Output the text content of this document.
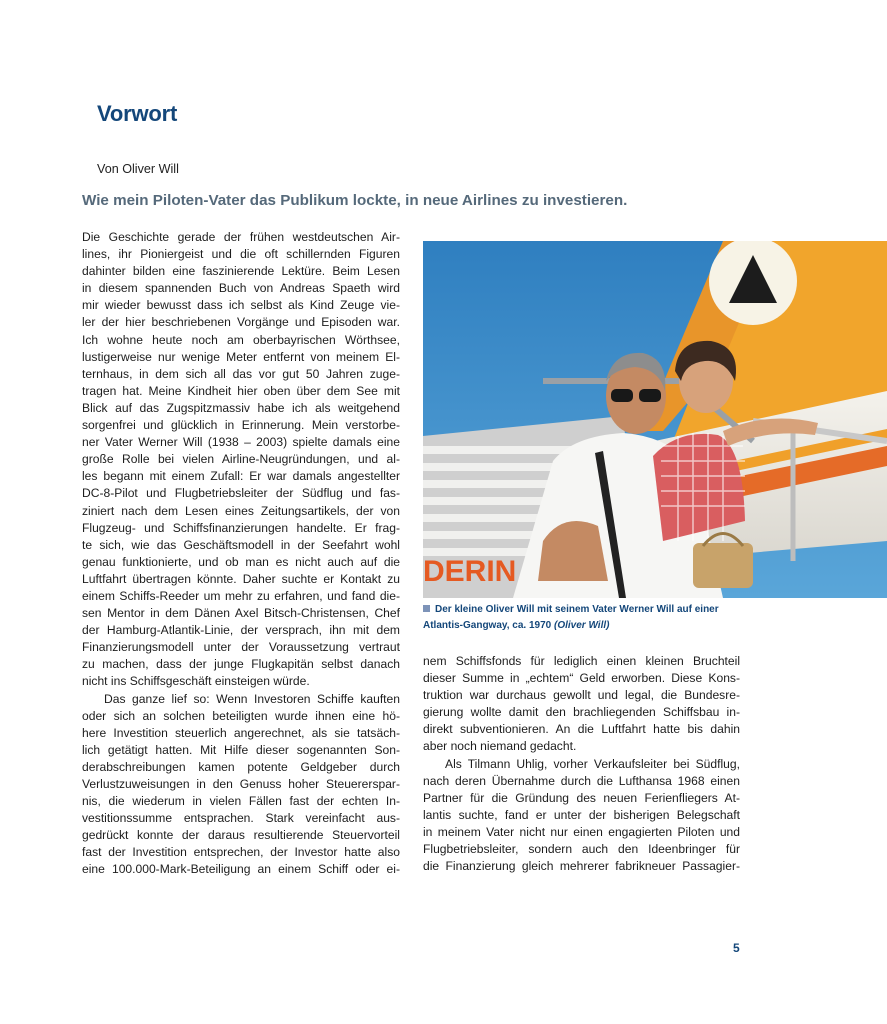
Vorwort

Von Oliver Will

Wie mein Piloten-Vater das Publikum lockte, in neue Airlines zu investieren.

Die Geschichte gerade der frühen westdeutschen Air-
lines, ihr Pioniergeist und die oft schillernden Figuren
dahinter bilden eine faszinierende Lektüre. Beim Lesen
in diesem spannenden Buch von Andreas Spaeth wird
mir wieder bewusst dass ich selbst als Kind Zeuge vie-
ler der hier beschriebenen Vorgänge und Episoden war.
Ich wohne heute noch am oberbayrischen Wörthsee,
lustigerweise nur wenige Meter entfernt von meinem El-
ternhaus, in dem sich all das vor gut 50 Jahren zuge-
tragen hat. Meine Kindheit hier oben über dem See mit
Blick auf das Zugspitzmassiv habe ich als weitgehend
sorgenfrei und glücklich in Erinnerung. Mein verstorbe-
ner Vater Werner Will (1938 – 2003) spielte damals eine
große Rolle bei vielen Airline-Neugründungen, und al-
les begann mit einem Zufall: Er war damals angestellter
DC-8-Pilot und Flugbetriebsleiter der Südflug und fas-
ziniert nach dem Lesen eines Zeitungsartikels, der von
Flugzeug- und Schiffsfinanzierungen handelte. Er frag-
te sich, wie das Geschäftsmodell in der Seefahrt wohl
genau funktionierte, und ob man es nicht auch auf die
Luftfahrt übertragen könnte. Daher suchte er Kontakt zu
einem Schiffs-Reeder um mehr zu erfahren, und fand die-
sen Mentor in dem Dänen Axel Bitsch-Christensen, Chef
der Hamburg-Atlantik-Linie, der versprach, ihn mit dem
Finanzierungsmodell unter der Voraussetzung vertraut
zu machen, dass der junge Flugkapitän selbst danach
nicht ins Schiffsgeschäft einsteigen würde.
Das ganze lief so: Wenn Investoren Schiffe kauften
oder sich an solchen beteiligten wurde ihnen eine hö-
here Investition steuerlich angerechnet, als sie tatsäch-
lich getätigt hatten. Mit Hilfe dieser sogenannten Son-
derabschreibungen kamen potente Geldgeber durch
Verlustzuweisungen in den Genuss hoher Steuererspar-
nis, die wiederum in vielen Fällen fast der echten In-
vestitionssumme entsprachen. Stark vereinfacht aus-
gedrückt konnte der daraus resultierende Steuervorteil
fast der Investition entsprechen, der Investor hatte also
eine 100.000-Mark-Beteiligung an einem Schiff oder ei-
DERIN
Der kleine Oliver Will mit seinem Vater Werner Will auf einer
Atlantis-Gangway, ca. 1970 (Oliver Will)
nem Schiffsfonds für lediglich einen kleinen Bruchteil
dieser Summe in „echtem“ Geld erworben. Diese Kons-
truktion war durchaus gewollt und legal, die Bundesre-
gierung wollte damit den brachliegenden Schiffsbau in-
direkt subventionieren. An die Luftfahrt hatte bis dahin
aber noch niemand gedacht.
Als Tilmann Uhlig, vorher Verkaufsleiter bei Südflug,
nach deren Übernahme durch die Lufthansa 1968 einen
Partner für die Gründung des neuen Ferienfliegers At-
lantis suchte, fand er unter der bisherigen Belegschaft
in meinem Vater nicht nur einen engagierten Piloten und
Flugbetriebsleiter, sondern auch den Ideenbringer für
die Finanzierung gleich mehrerer fabrikneuer Passagier-
5
